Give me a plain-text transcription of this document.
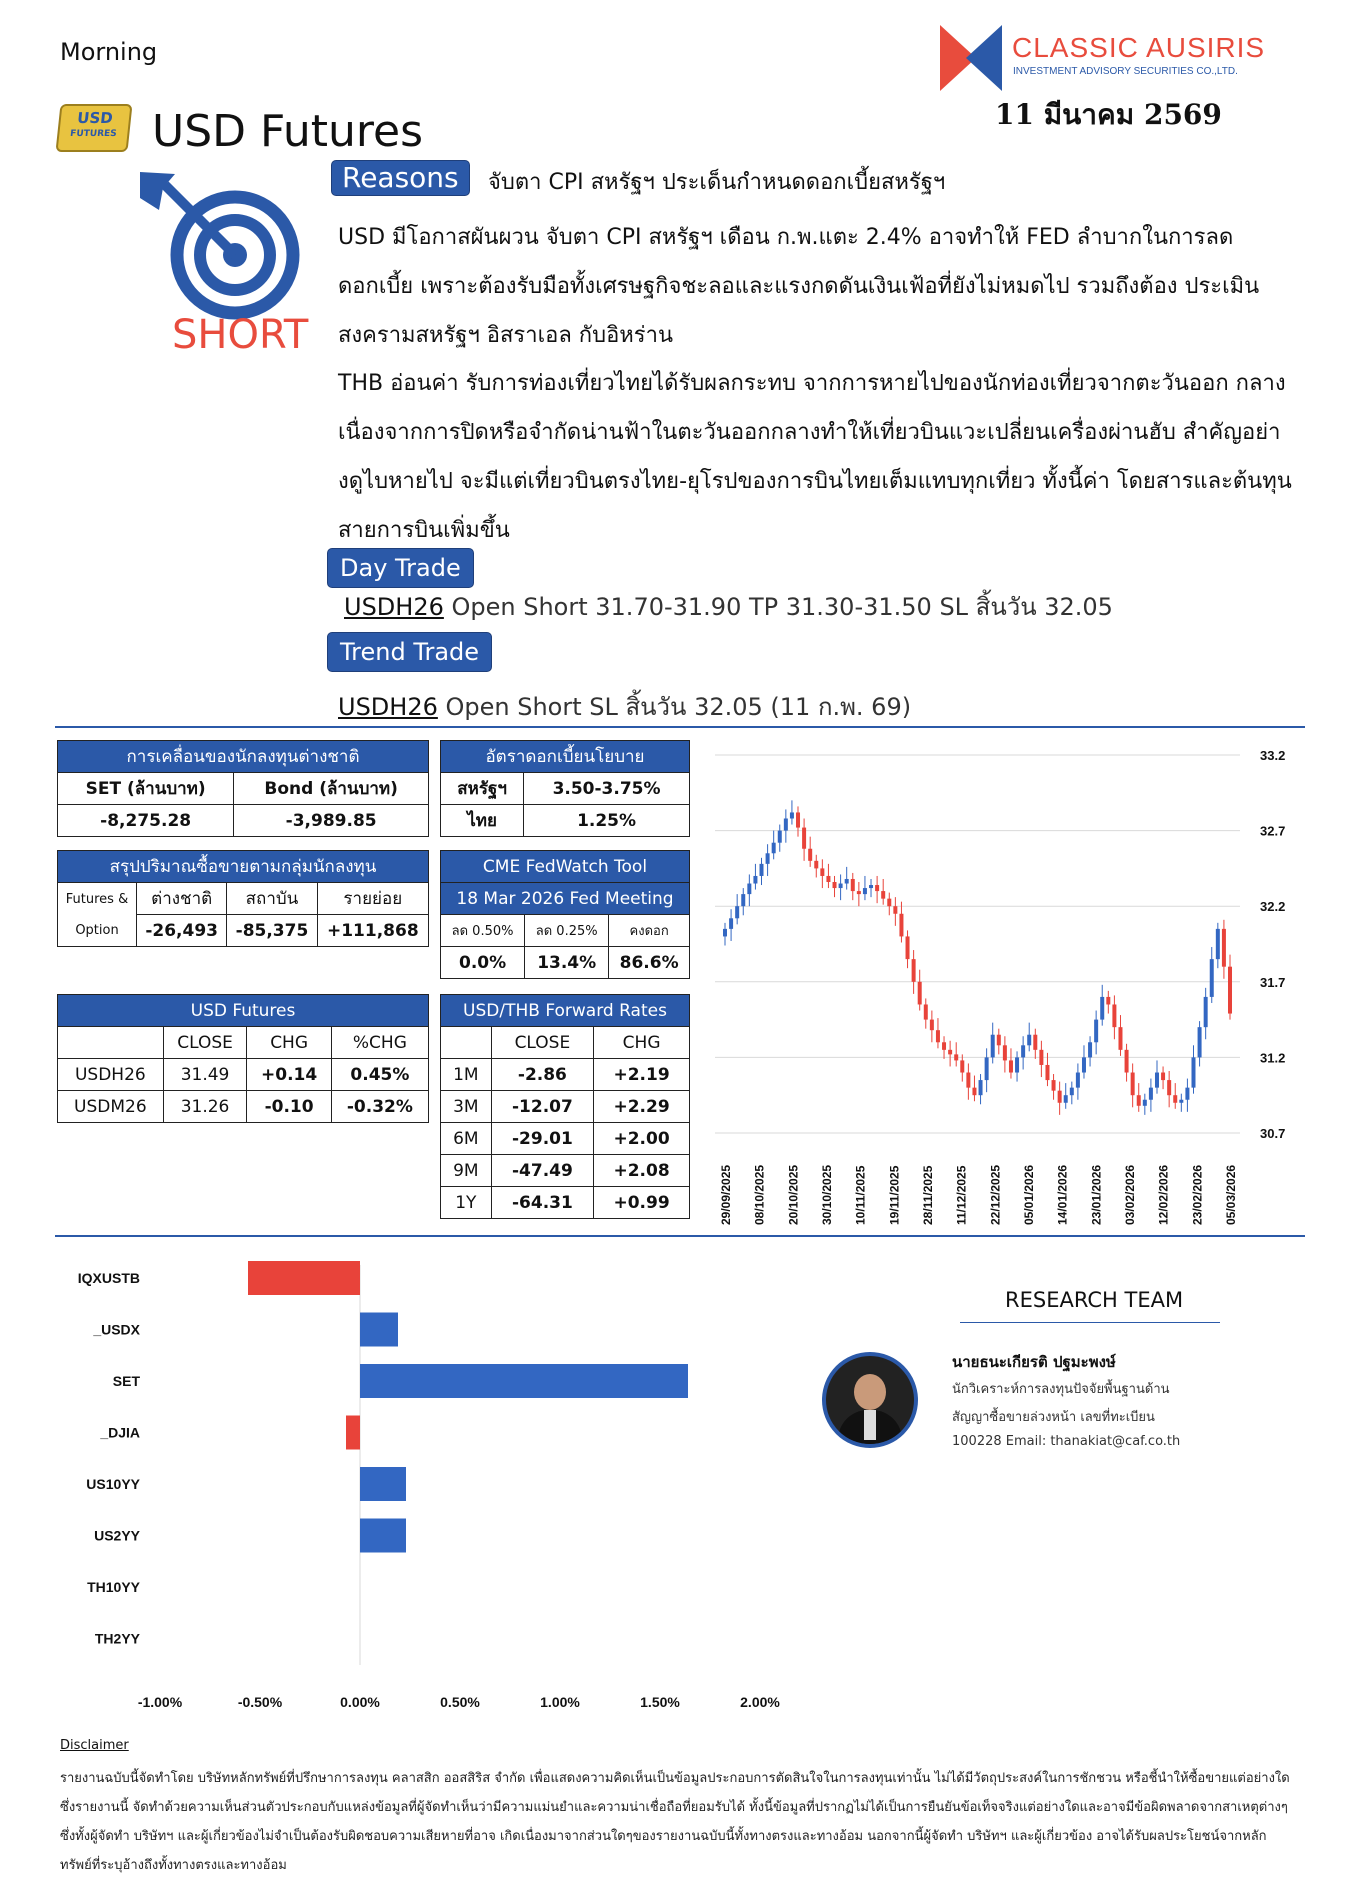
Morning
USD
FUTURES USD Futures
CLASSIC AUSIRIS
INVESTMENT ADVISORY SECURITIES CO.,LTD.
11 มีนาคม 2569
SHORT
Reasons	จับตา CPI สหรัฐฯ ประเด็นกำหนดดอกเบี้ยสหรัฐฯ
USD มีโอกาสผันผวน จับตา CPI สหรัฐฯ เดือน ก.พ.แตะ 2.4% อาจทำให้ FED ลำบากในการลด ดอกเบี้ย เพราะต้องรับมือทั้งเศรษฐกิจชะลอและแรงกดดันเงินเฟ้อที่ยังไม่หมดไป รวมถึงต้อง ประเมินสงครามสหรัฐฯ อิสราเอล กับอิหร่าน
THB อ่อนค่า รับการท่องเที่ยวไทยได้รับผลกระทบ จากการหายไปของนักท่องเที่ยวจากตะวันออก กลาง เนื่องจากการปิดหรือจำกัดน่านฟ้าในตะวันออกกลางทำให้เที่ยวบินแวะเปลี่ยนเครื่องผ่านฮับ สำคัญอย่างดูไบหายไป จะมีแต่เที่ยวบินตรงไทย-ยุโรปของการบินไทยเต็มแทบทุกเที่ยว ทั้งนี้ค่า โดยสารและต้นทุนสายการบินเพิ่มขึ้น
Day Trade
USDH26 Open Short 31.70-31.90 TP 31.30-31.50 SL สิ้นวัน 32.05
Trend Trade
USDH26 Open Short SL สิ้นวัน 32.05 (11 ก.พ. 69)
การเคลื่อนของนักลงทุนต่างชาติ	
SET (ล้านบาท)	Bond (ล้านบาท)
-8,275.28	-3,989.85
อัตราดอกเบี้ยนโยบาย	
สหรัฐฯ	3.50-3.75%
ไทย	1.25%
สรุปปริมาณซื้อขายตามกลุ่มนักลงทุน			
Futures &
Option	ต่างชาติ	สถาบัน	รายย่อย
	-26,493	-85,375	+111,868
CME FedWatch Tool		
18 Mar 2026 Fed Meeting		
ลด 0.50%	ลด 0.25%	คงดอก
0.0%	13.4%	86.6%
USD Futures			
	CLOSE	CHG	%CHG
USDH26	31.49	+0.14	0.45%
USDM26	31.26	-0.10	-0.32%
USD/THB Forward Rates		
	CLOSE	CHG
1M	-2.86	+2.19
3M	-12.07	+2.29
6M	-29.01	+2.00
9M	-47.49	+2.08
1Y	-64.31	+0.99
33.2
32.7
32.2
31.7
31.2
30.7
29/09/2025 08/10/2025 20/10/2025 30/10/2025 10/11/2025 19/11/2025 28/11/2025 11/12/2025 22/12/2025 05/01/2026 14/01/2026 23/01/2026 03/02/2026 12/02/2026 23/02/2026 05/03/2026
IQXUSTB
_USDX
SET
_DJIA
US10YY
US2YY
TH10YY
TH2YY
-1.00%	-0.50%	0.00%	0.50%	1.00%	1.50%	2.00%
RESEARCH TEAM
นายธนะเกียรติ ปฐมะพงษ์
นักวิเคราะห์การลงทุนปัจจัยพื้นฐานด้าน
สัญญาซื้อขายล่วงหน้า เลขที่ทะเบียน
100228 Email: thanakiat@caf.co.th
Disclaimer
รายงานฉบับนี้จัดทำโดย บริษัทหลักทรัพย์ที่ปรึกษาการลงทุน คลาสสิก ออสสิริส จำกัด เพื่อแสดงความคิดเห็นเป็นข้อมูลประกอบการตัดสินใจในการลงทุนเท่านั้น ไม่ได้มีวัตถุประสงค์ในการชักชวน หรือชี้นำให้ซื้อขายแต่อย่างใด ซึ่งรายงานนี้ จัดทำด้วยความเห็นส่วนตัวประกอบกับแหล่งข้อมูลที่ผู้จัดทำเห็นว่ามีความแม่นยำและความน่าเชื่อถือที่ยอมรับได้ ทั้งนี้ข้อมูลที่ปรากฏไม่ได้เป็นการยืนยันข้อเท็จจริงแต่อย่างใดและอาจมีข้อผิดพลาดจากสาเหตุต่างๆ ซึ่งทั้งผู้จัดทำ บริษัทฯ และผู้เกี่ยวข้องไม่จำเป็นต้องรับผิดชอบความเสียหายที่อาจ เกิดเนื่องมาจากส่วนใดๆของรายงานฉบับนี้ทั้งทางตรงและทางอ้อม นอกจากนี้ผู้จัดทำ บริษัทฯ และผู้เกี่ยวข้อง อาจได้รับผลประโยชน์จากหลักทรัพย์ที่ระบุอ้างถึงทั้งทางตรงและทางอ้อม
